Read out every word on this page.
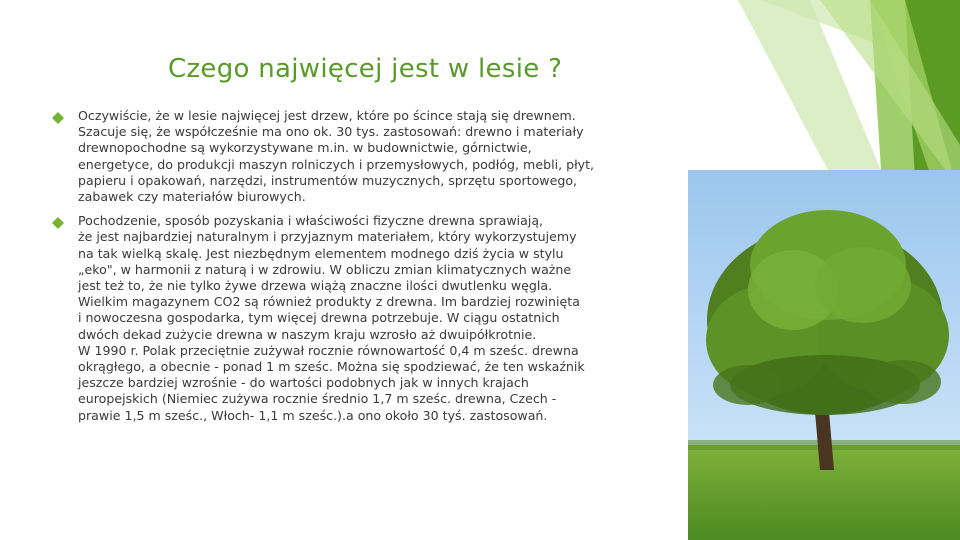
Czego najwięcej jest w lesie ?
Oczywiście, że w lesie najwięcej jest drzew, które po ścince stają się drewnem.
Szacuje się, że współcześnie ma ono ok. 30 tys. zastosowań: drewno i materiały
drewnopochodne są wykorzystywane m.in. w budownictwie, górnictwie,
energetyce, do produkcji maszyn rolniczych i przemysłowych, podłóg, mebli, płyt,
papieru i opakowań, narzędzi, instrumentów muzycznych, sprzętu sportowego,
zabawek czy materiałów biurowych.
Pochodzenie, sposób pozyskania i właściwości fizyczne drewna sprawiają,
że jest najbardziej naturalnym i przyjaznym materiałem, który wykorzystujemy
na tak wielką skalę. Jest niezbędnym elementem modnego dziś życia w stylu
„eko", w harmonii z naturą i w zdrowiu. W obliczu zmian klimatycznych ważne
jest też to, że nie tylko żywe drzewa wiążą znaczne ilości dwutlenku węgla.
Wielkim magazynem CO2 są również produkty z drewna. Im bardziej rozwinięta
i nowoczesna gospodarka, tym więcej drewna potrzebuje. W ciągu ostatnich
dwóch dekad zużycie drewna w naszym kraju wzrosło aż dwuipółkrotnie.
W 1990 r. Polak przeciętnie zużywał rocznie równowartość 0,4 m sześc. drewna
okrągłego, a obecnie - ponad 1 m sześc. Można się spodziewać, że ten wskaźnik
jeszcze bardziej wzrośnie - do wartości podobnych jak w innych krajach
europejskich (Niemiec zużywa rocznie średnio 1,7 m sześc. drewna, Czech -
prawie 1,5 m sześc., Włoch- 1,1 m sześc.).a ono około 30 tyś. zastosowań.
